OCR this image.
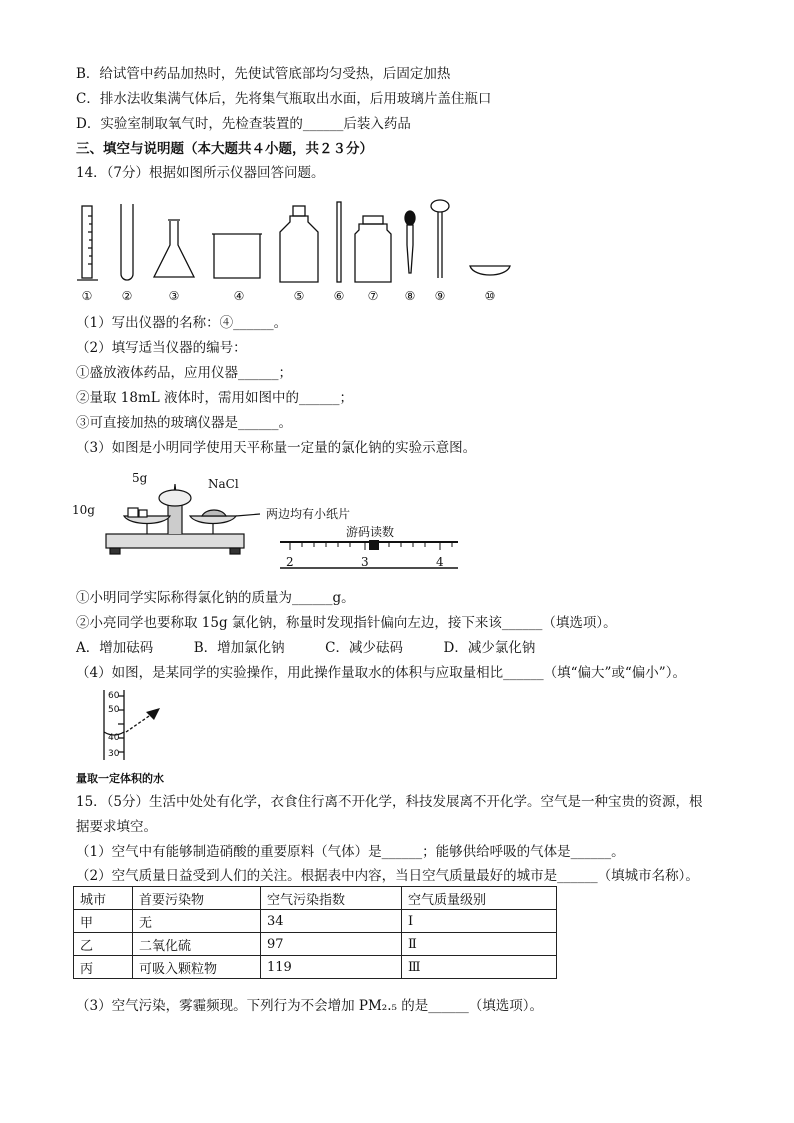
B．给试管中药品加热时，先使试管底部均匀受热，后固定加热
C．排水法收集满气体后，先将集气瓶取出水面，后用玻璃片盖住瓶口
D．实验室制取氧气时，先检查装置的______后装入药品
三、填空与说明题（本大题共４小题，共２３分）
14．（7分）根据如图所示仪器回答问题。
① ②	③	④	⑤ ⑥ ⑦ ⑧ ⑨	⑩
（1）写出仪器的名称：④______。
（2）填写适当仪器的编号：
①盛放液体药品，应用仪器______；
②量取 18mL 液体时，需用如图中的______；
③可直接加热的玻璃仪器是______。
（3）如图是小明同学使用天平称量一定量的氯化钠的实验示意图。
10g
5g	NaCl
两边均有小纸片
游码读数
2	3	4
①小明同学实际称得氯化钠的质量为______g。
②小亮同学也要称取 15g 氯化钠，称量时发现指针偏向左边，接下来该______（填选项）。
A．增加砝码　　　B．增加氯化钠　　　C．减少砝码　　　D．减少氯化钠
（4）如图，是某同学的实验操作，用此操作量取水的体积与应取量相比______（填“偏大”或“偏小”）。
60
50
40
30
量取一定体积的水
15．（5分）生活中处处有化学，衣食住行离不开化学，科技发展离不开化学。空气是一种宝贵的资源，根
据要求填空。
（1）空气中有能够制造硝酸的重要原料（气体）是______；能够供给呼吸的气体是______。
（2）空气质量日益受到人们的关注。根据表中内容，当日空气质量最好的城市是______（填城市名称）。
城市	首要污染物	空气污染指数	空气质量级别
甲	无	34	Ⅰ
乙	二氧化硫	97	Ⅱ
丙	可吸入颗粒物	119	Ⅲ
（3）空气污染，雾霾频现。下列行为不会增加 PM₂.₅ 的是______（填选项）。
